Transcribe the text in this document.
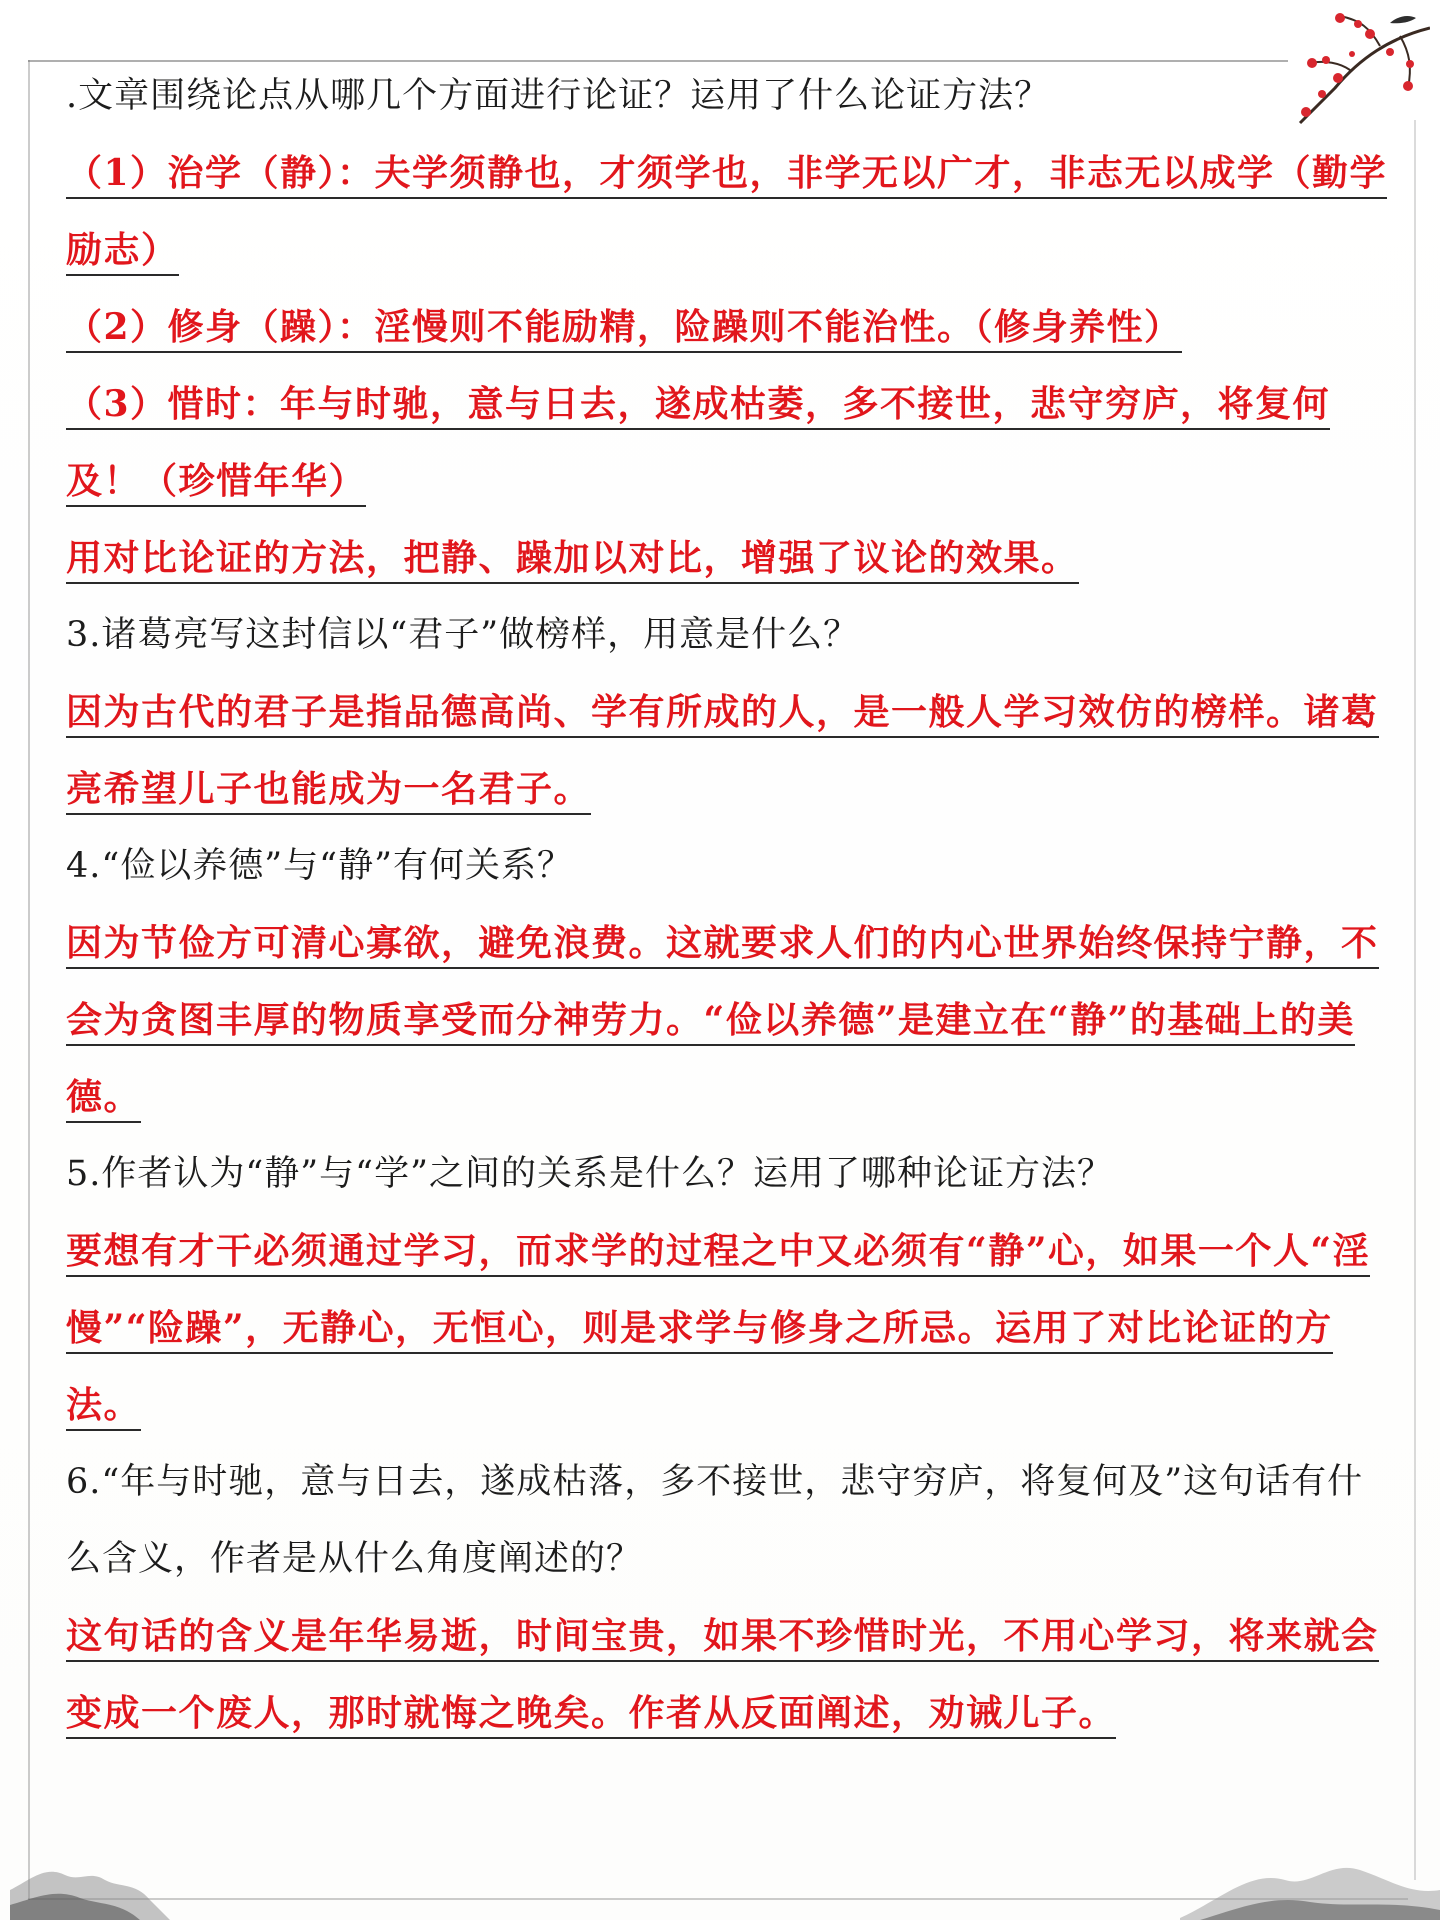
.文章围绕论点从哪几个方面进行论证？运用了什么论证方法？

（1）治学（静）：夫学须静也，才须学也，非学无以广才，非志无以成学（勤学励志）

（2）修身（躁）：淫慢则不能励精，险躁则不能治性。（修身养性）

（3）惜时：年与时驰，意与日去，遂成枯萎，多不接世，悲守穷庐，将复何及！（珍惜年华）

用对比论证的方法，把静、躁加以对比，增强了议论的效果。

3.诸葛亮写这封信以“君子”做榜样，用意是什么？

因为古代的君子是指品德高尚、学有所成的人，是一般人学习效仿的榜样。诸葛亮希望儿子也能成为一名君子。

4.“俭以养德”与“静”有何关系？

因为节俭方可清心寡欲，避免浪费。这就要求人们的内心世界始终保持宁静，不会为贪图丰厚的物质享受而分神劳力。“俭以养德”是建立在“静”的基础上的美德。

5.作者认为“静”与“学”之间的关系是什么？运用了哪种论证方法？

要想有才干必须通过学习，而求学的过程之中又必须有“静”心，如果一个人“淫慢”“险躁”，无静心，无恒心，则是求学与修身之所忌。运用了对比论证的方法。

6.“年与时驰，意与日去，遂成枯落，多不接世，悲守穷庐，将复何及”这句话有什么含义，作者是从什么角度阐述的？

这句话的含义是年华易逝，时间宝贵，如果不珍惜时光，不用心学习，将来就会变成一个废人，那时就悔之晚矣。作者从反面阐述，劝诫儿子。
